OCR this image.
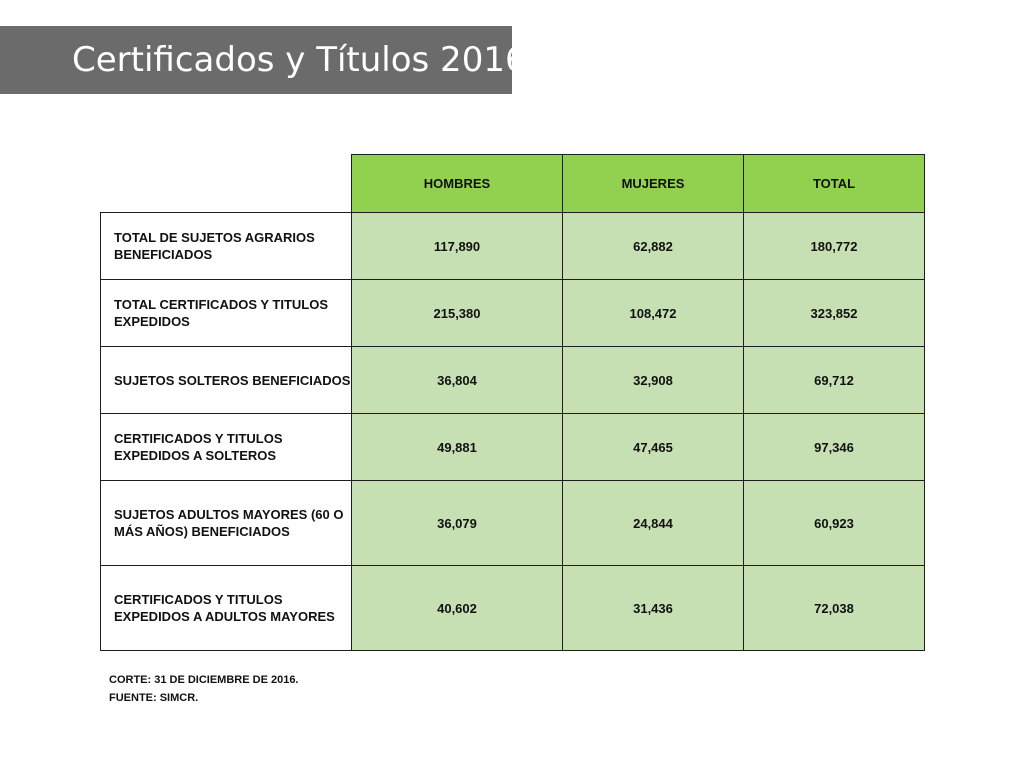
Certificados y Títulos 2016
	HOMBRES	MUJERES	TOTAL
TOTAL DE SUJETOS AGRARIOS BENEFICIADOS	117,890	62,882	180,772
TOTAL CERTIFICADOS Y TITULOS EXPEDIDOS	215,380	108,472	323,852
SUJETOS SOLTEROS BENEFICIADOS	36,804	32,908	69,712
CERTIFICADOS Y TITULOS EXPEDIDOS A SOLTEROS	49,881	47,465	97,346
SUJETOS ADULTOS MAYORES (60 O MÁS AÑOS) BENEFICIADOS	36,079	24,844	60,923
CERTIFICADOS Y TITULOS EXPEDIDOS A ADULTOS MAYORES	40,602	31,436	72,038
CORTE: 31 DE DICIEMBRE DE 2016.
FUENTE: SIMCR.
